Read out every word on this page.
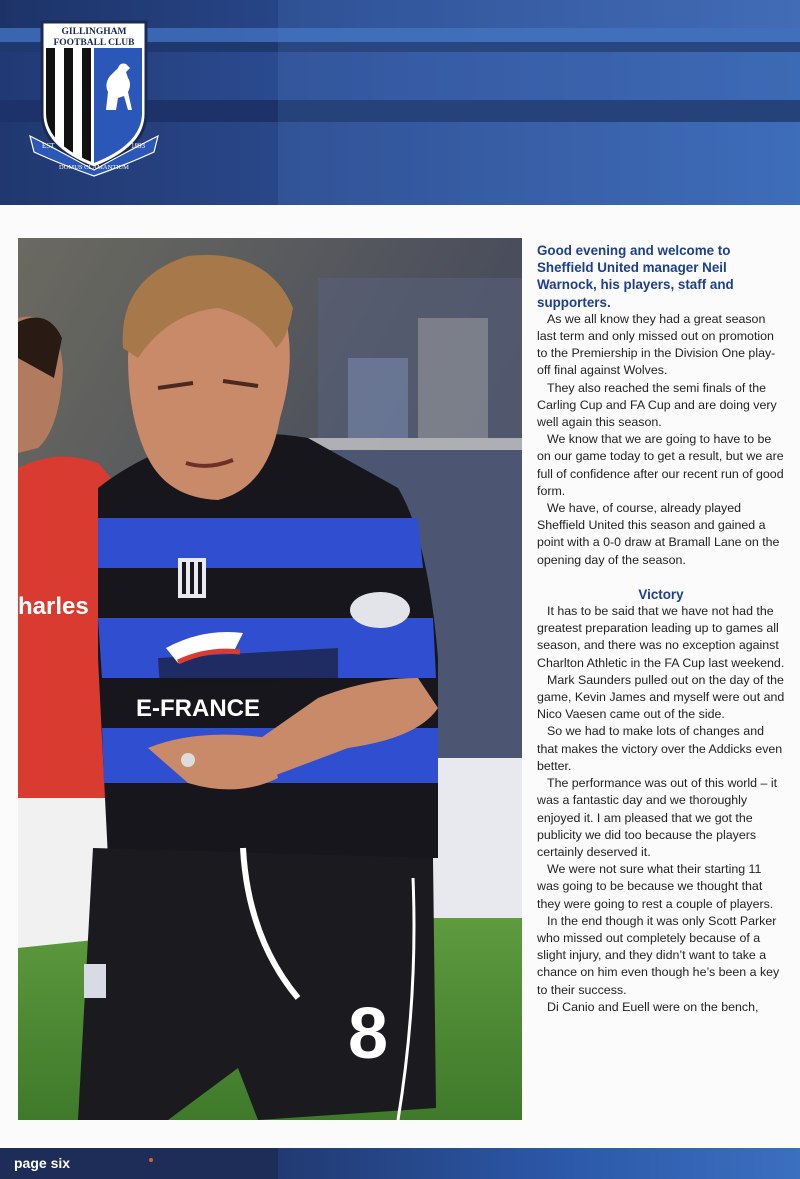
GILLINGHAM
FOOTBALL CLUB
EST	1893
DOMUS CLAMANTIUM
harles
E-FRANCE
8

Good evening and welcome to Sheffield United manager Neil Warnock, his players, staff and supporters.

As we all know they had a great season last term and only missed out on promotion to the Premiership in the Division One play-off final against Wolves.

They also reached the semi finals of the Carling Cup and FA Cup and are doing very well again this season.

We know that we are going to have to be on our game today to get a result, but we are full of confidence after our recent run of good form.

We have, of course, already played Sheffield United this season and gained a point with a 0-0 draw at Bramall Lane on the opening day of the season.

Victory

It has to be said that we have not had the greatest preparation leading up to games all season, and there was no exception against Charlton Athletic in the FA Cup last weekend.

Mark Saunders pulled out on the day of the game, Kevin James and myself were out and Nico Vaesen came out of the side.

So we had to make lots of changes and that makes the victory over the Addicks even better.

The performance was out of this world – it was a fantastic day and we thoroughly enjoyed it. I am pleased that we got the publicity we did too because the players certainly deserved it.

We were not sure what their starting 11 was going to be because we thought that they were going to rest a couple of players.

In the end though it was only Scott Parker who missed out completely because of a slight injury, and they didn’t want to take a chance on him even though he’s been a key to their success.

Di Canio and Euell were on the bench,

page six
